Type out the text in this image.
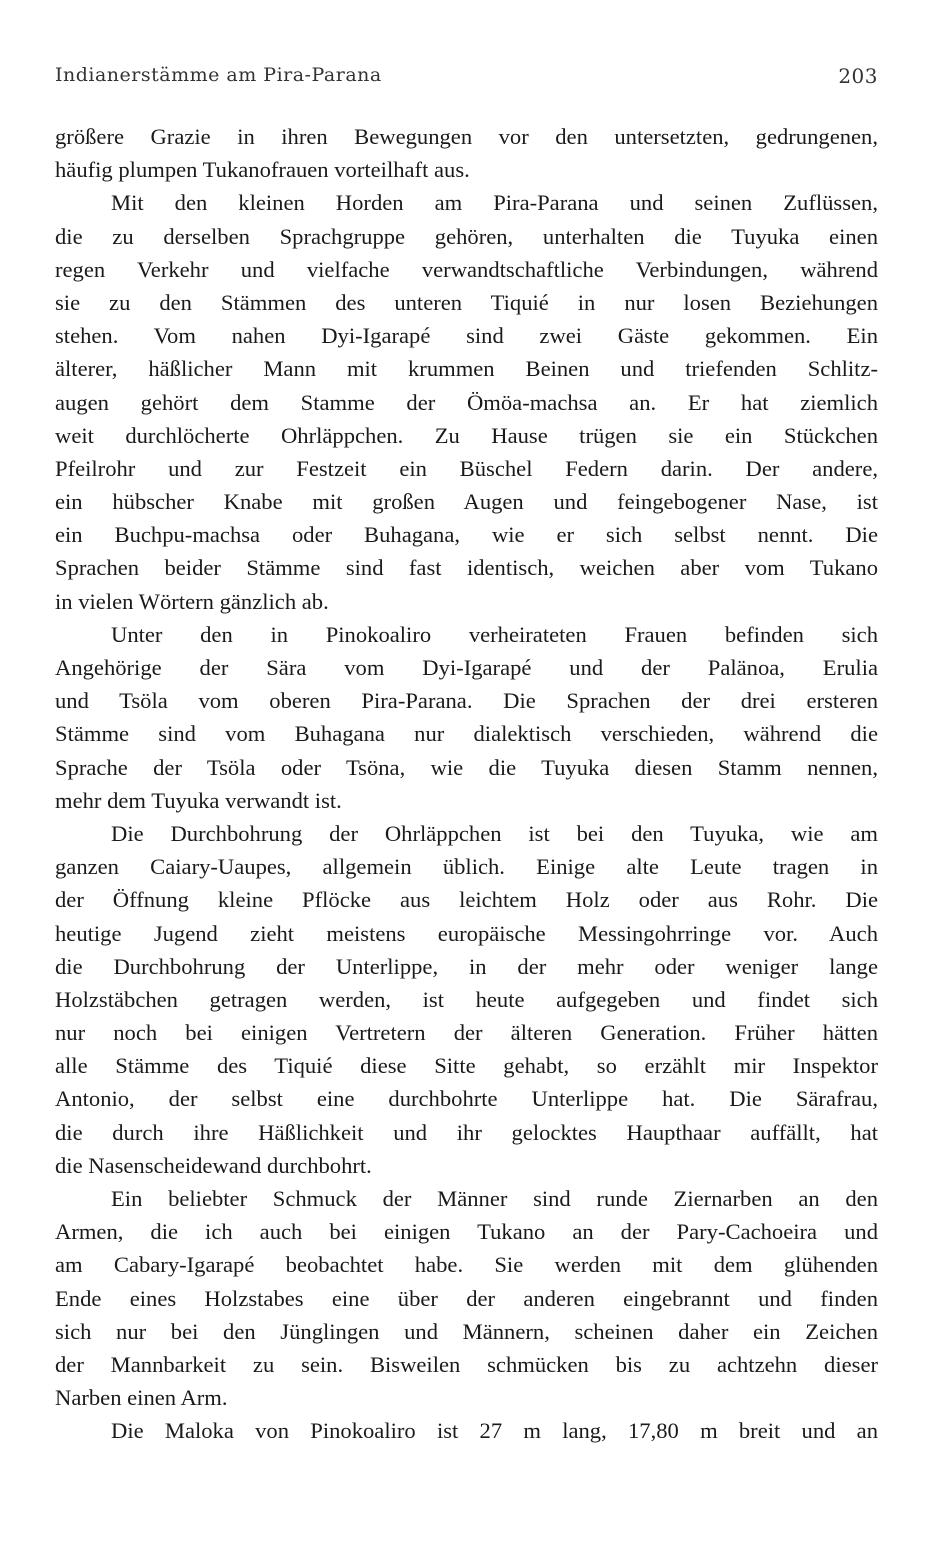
Indianerstämme am Pira-Parana	203
größere Grazie in ihren Bewegungen vor den untersetzten, gedrungenen,
häufig plumpen Tukanofrauen vorteilhaft aus.
Mit den kleinen Horden am Pira-Parana und seinen Zuflüssen,
die zu derselben Sprachgruppe gehören, unterhalten die Tuyuka einen
regen Verkehr und vielfache verwandtschaftliche Verbindungen, während
sie zu den Stämmen des unteren Tiquié in nur losen Beziehungen
stehen. Vom nahen Dyi-Igarapé sind zwei Gäste gekommen. Ein
älterer, häßlicher Mann mit krummen Beinen und triefenden Schlitz-
augen gehört dem Stamme der Ömöa-machsa an. Er hat ziemlich
weit durchlöcherte Ohrläppchen. Zu Hause trügen sie ein Stückchen
Pfeilrohr und zur Festzeit ein Büschel Federn darin. Der andere,
ein hübscher Knabe mit großen Augen und feingebogener Nase, ist
ein Buchpu-machsa oder Buhagana, wie er sich selbst nennt. Die
Sprachen beider Stämme sind fast identisch, weichen aber vom Tukano
in vielen Wörtern gänzlich ab.
Unter den in Pinokoaliro verheirateten Frauen befinden sich
Angehörige der Sära vom Dyi-Igarapé und der Palänoa, Erulia
und Tsöla vom oberen Pira-Parana. Die Sprachen der drei ersteren
Stämme sind vom Buhagana nur dialektisch verschieden, während die
Sprache der Tsöla oder Tsöna, wie die Tuyuka diesen Stamm nennen,
mehr dem Tuyuka verwandt ist.
Die Durchbohrung der Ohrläppchen ist bei den Tuyuka, wie am
ganzen Caiary-Uaupes, allgemein üblich. Einige alte Leute tragen in
der Öffnung kleine Pflöcke aus leichtem Holz oder aus Rohr. Die
heutige Jugend zieht meistens europäische Messingohrringe vor. Auch
die Durchbohrung der Unterlippe, in der mehr oder weniger lange
Holzstäbchen getragen werden, ist heute aufgegeben und findet sich
nur noch bei einigen Vertretern der älteren Generation. Früher hätten
alle Stämme des Tiquié diese Sitte gehabt, so erzählt mir Inspektor
Antonio, der selbst eine durchbohrte Unterlippe hat. Die Särafrau,
die durch ihre Häßlichkeit und ihr gelocktes Haupthaar auffällt, hat
die Nasenscheidewand durchbohrt.
Ein beliebter Schmuck der Männer sind runde Ziernarben an den
Armen, die ich auch bei einigen Tukano an der Pary-Cachoeira und
am Cabary-Igarapé beobachtet habe. Sie werden mit dem glühenden
Ende eines Holzstabes eine über der anderen eingebrannt und finden
sich nur bei den Jünglingen und Männern, scheinen daher ein Zeichen
der Mannbarkeit zu sein. Bisweilen schmücken bis zu achtzehn dieser
Narben einen Arm.
Die Maloka von Pinokoaliro ist 27 m lang, 17,80 m breit und an
